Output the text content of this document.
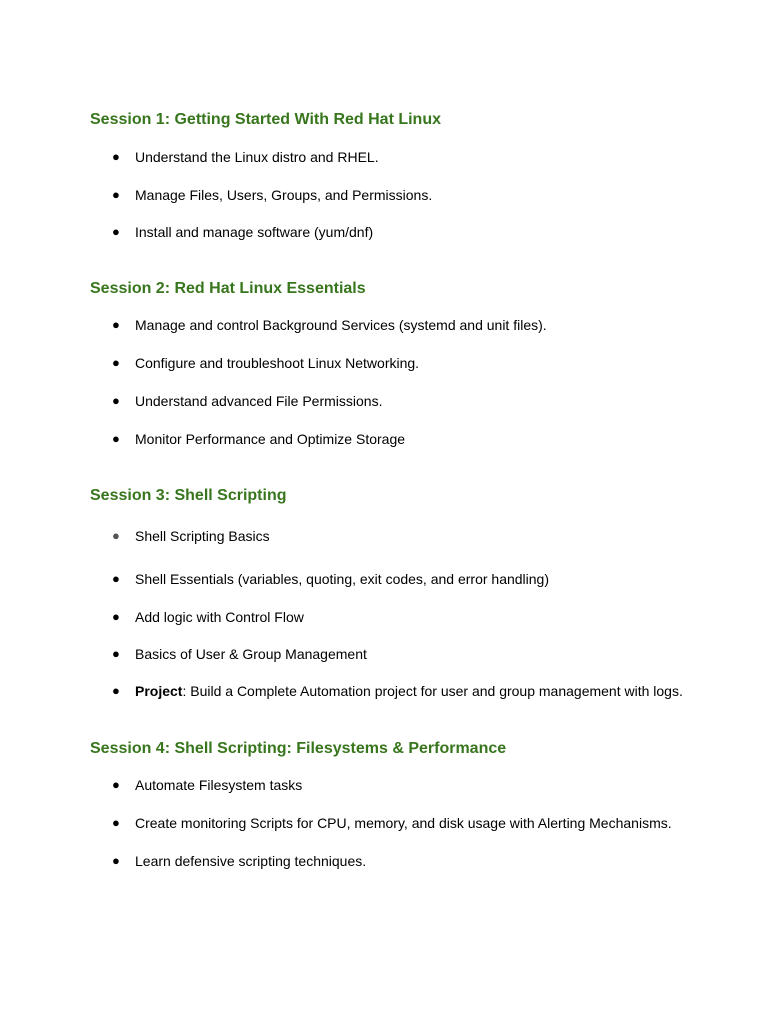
Session 1: Getting Started With Red Hat Linux
● Understand the Linux distro and RHEL.
● Manage Files, Users, Groups, and Permissions.
● Install and manage software (yum/dnf)
Session 2: Red Hat Linux Essentials
● Manage and control Background Services (systemd and unit files).
● Configure and troubleshoot Linux Networking.
● Understand advanced File Permissions.
● Monitor Performance and Optimize Storage
Session 3: Shell Scripting
● Shell Scripting Basics
● Shell Essentials (variables, quoting, exit codes, and error handling)
● Add logic with Control Flow
● Basics of User & Group Management
● Project: Build a Complete Automation project for user and group management with logs.
Session 4: Shell Scripting: Filesystems & Performance
● Automate Filesystem tasks
● Create monitoring Scripts for CPU, memory, and disk usage with Alerting Mechanisms.
● Learn defensive scripting techniques.
